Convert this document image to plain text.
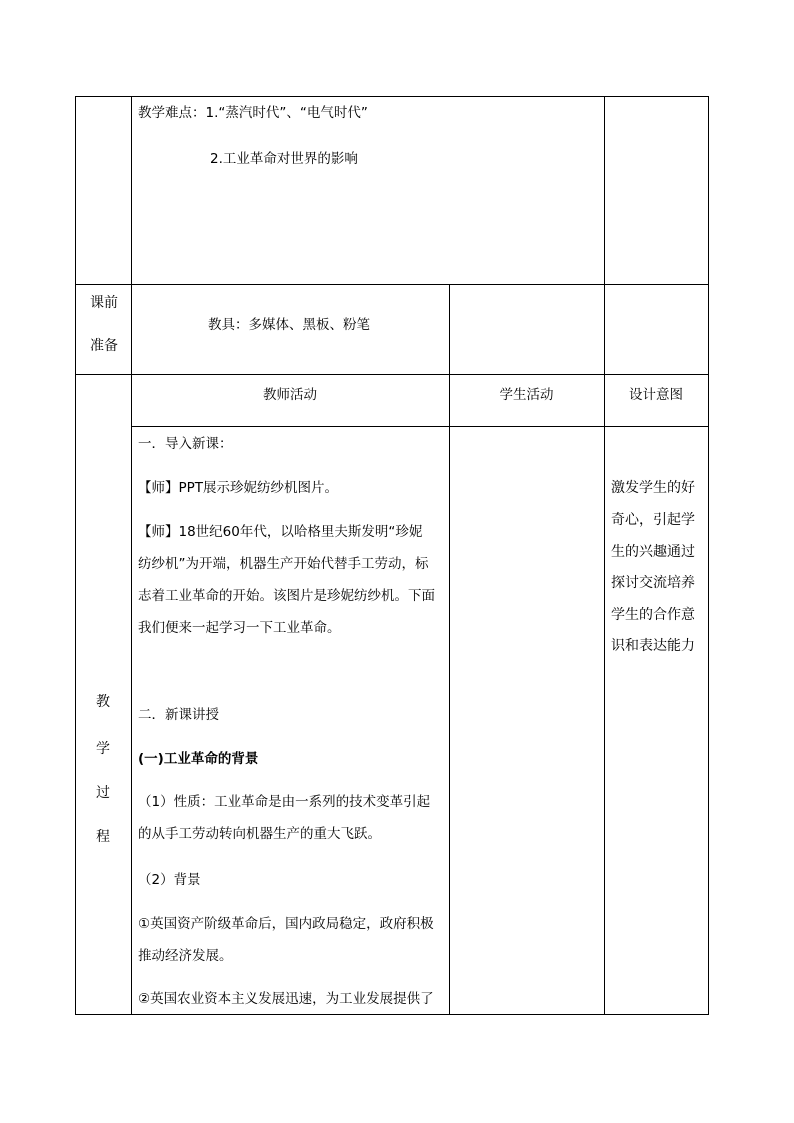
教学难点：1.“蒸汽时代”、“电气时代”
2.工业革命对世界的影响
课前
准备
教具：多媒体、黑板、粉笔
教师活动	学生活动	设计意图
教
学
过
程
一．导入新课：
【师】PPT展示珍妮纺纱机图片。
【师】18世纪60年代，以哈格里夫斯发明“珍妮
纺纱机”为开端，机器生产开始代替手工劳动，标
志着工业革命的开始。该图片是珍妮纺纱机。下面
我们便来一起学习一下工业革命。
二．新课讲授
(一)工业革命的背景
（1）性质：工业革命是由一系列的技术变革引起
的从手工劳动转向机器生产的重大飞跃。
（2）背景
①英国资产阶级革命后，国内政局稳定，政府积极
推动经济发展。
②英国农业资本主义发展迅速，为工业发展提供了
激发学生的好
奇心，引起学
生的兴趣通过
探讨交流培养
学生的合作意
识和表达能力
